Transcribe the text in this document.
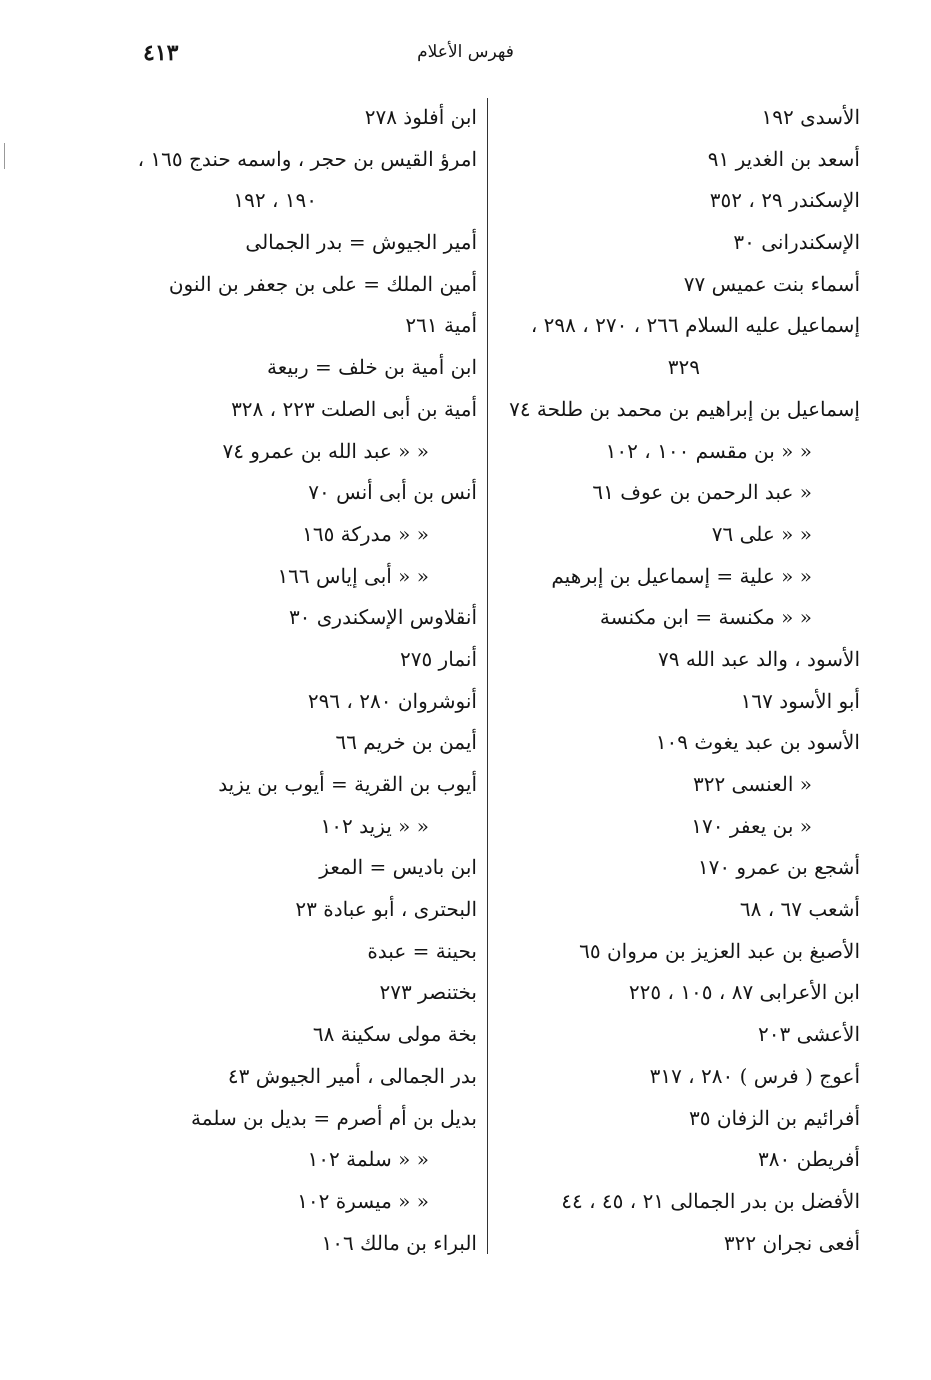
٤١٣	فهرس الأعلام
الأسدى ١٩٢
أسعد بن الغدير ٩١
الإسكندر ٢٩ ، ٣٥٢
الإسكندرانى ٣٠
أسماء بنت عميس ٧٧
إسماعيل عليه السلام ٢٦٦ ، ٢٧٠ ، ٢٩٨ ،
٣٢٩
إسماعيل بن إبراهيم بن محمد بن طلحة ٧٤
« « بن مقسم ١٠٠ ، ١٠٢
« عبد الرحمن بن عوف ٦١
« « على ٧٦
« « علية = إسماعيل بن إبرهيم
« « مكنسة = ابن مكنسة
الأسود ، والد عبد الله ٧٩
أبو الأسود ١٦٧
الأسود بن عبد يغوث ١٠٩
« العنسى ٣٢٢
« بن يعفر ١٧٠
أشجع بن عمرو ١٧٠
أشعب ٦٧ ، ٦٨
الأصبغ بن عبد العزيز بن مروان ٦٥
ابن الأعرابى ٨٧ ، ١٠٥ ، ٢٢٥
الأعشى ٢٠٣
أعوج ( فرس ) ٢٨٠ ، ٣١٧
أفرائيم بن الزفان ٣٥
أفريطن ٣٨٠
الأفضل بن بدر الجمالى ٢١ ، ٤٥ ، ٤٤
أفعى نجران ٣٢٢
ابن أفلوذ ٢٧٨
امرؤ القيس بن حجر ، واسمه حندج ١٦٥ ،
١٩٠ ، ١٩٢
أمير الجيوش = بدر الجمالى
أمين الملك = على بن جعفر بن النون
أمية ٢٦١
ابن أمية بن خلف = ربيعة
أمية بن أبى الصلت ٢٢٣ ، ٣٢٨
« « عبد الله بن عمرو ٧٤
أنس بن أبى أنس ٧٠
« « مدركة ١٦٥
« « أبى إياس ١٦٦
أنقلاوس الإسكندرى ٣٠
أنمار ٢٧٥
أنوشروان ٢٨٠ ، ٢٩٦
أيمن بن خريم ٦٦
أيوب بن القرية = أيوب بن يزيد
« « يزيد ١٠٢
ابن باديس = المعز
البحترى ، أبو عبادة ٢٣
بحينة = عبدة
بختنصر ٢٧٣
بخة مولى سكينة ٦٨
بدر الجمالى ، أمير الجيوش ٤٣
بديل بن أم أصرم = بديل بن سلمة
« « سلمة ١٠٢
« « ميسرة ١٠٢
البراء بن مالك ١٠٦
